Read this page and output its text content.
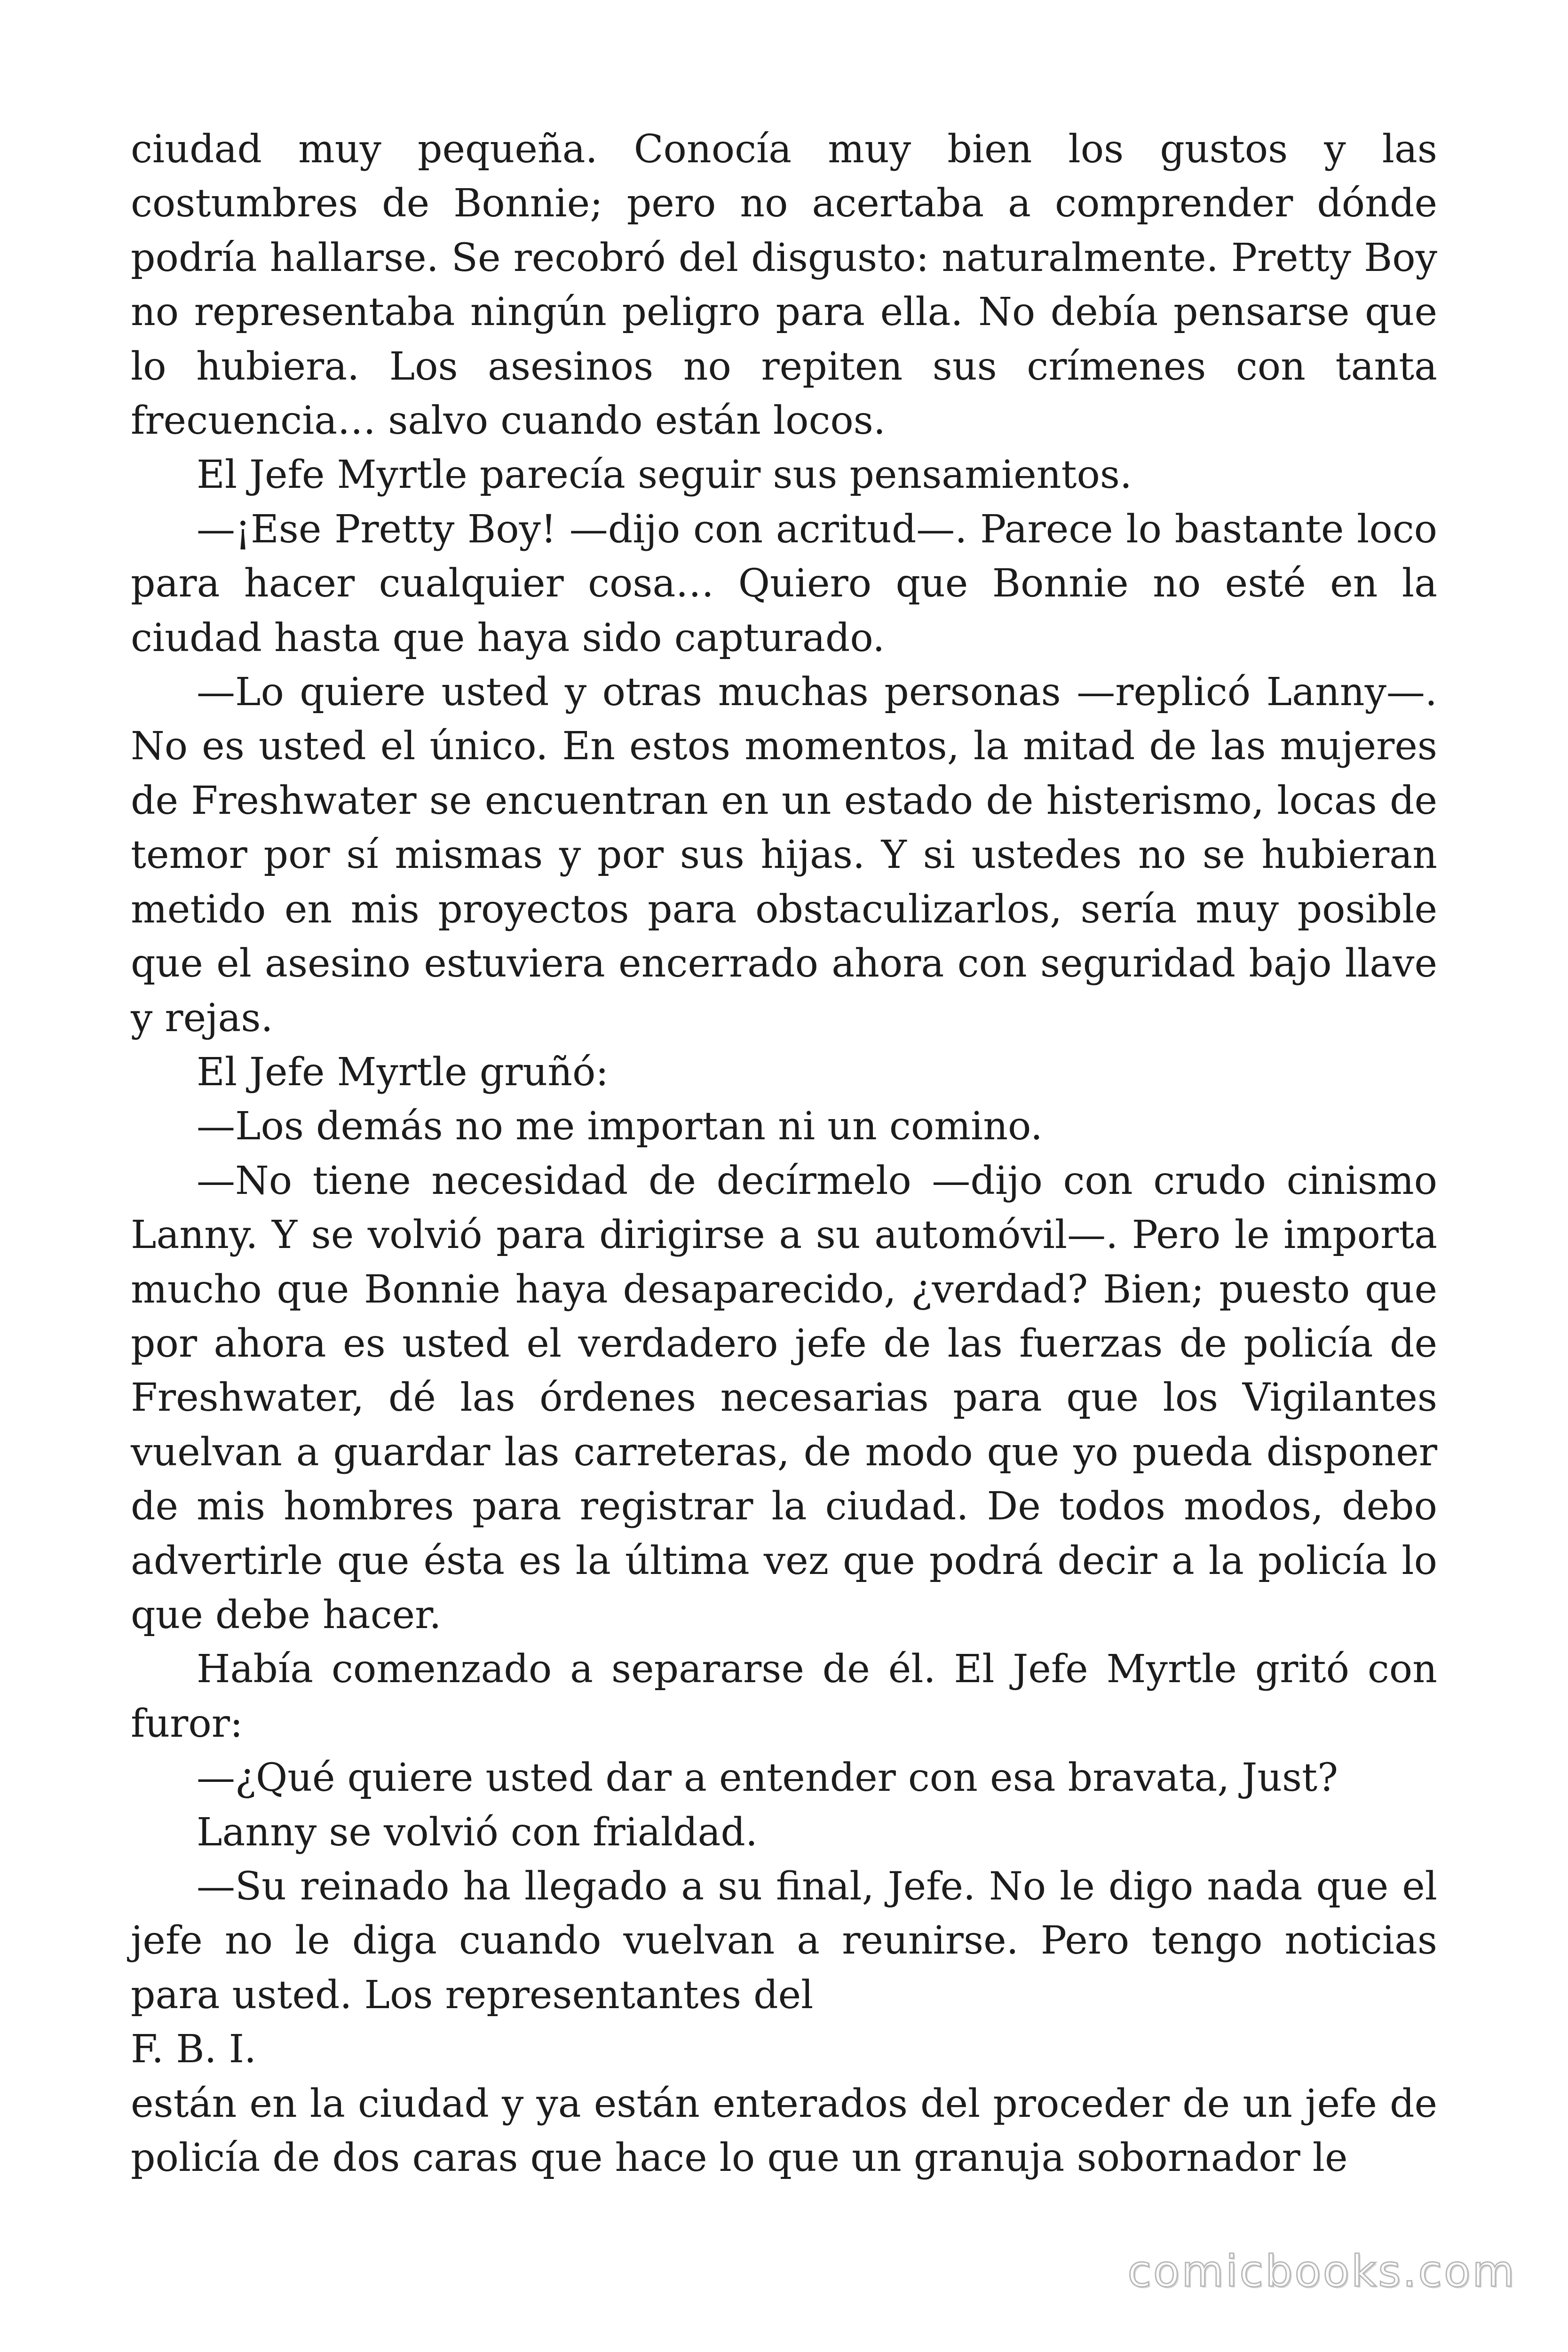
ciudad muy pequeña. Conocía muy bien los gustos y las costumbres de Bonnie; pero no acertaba a comprender dónde podría hallarse. Se recobró del disgusto: naturalmente. Pretty Boy no representaba ningún peligro para ella. No debía pensarse que lo hubiera. Los asesinos no repiten sus crímenes con tanta frecuencia… salvo cuando están locos.

El Jefe Myrtle parecía seguir sus pensamientos.

—¡Ese Pretty Boy! —dijo con acritud—. Parece lo bastante loco para hacer cualquier cosa… Quiero que Bonnie no esté en la ciudad hasta que haya sido capturado.

—Lo quiere usted y otras muchas personas —replicó Lanny—. No es usted el único. En estos momentos, la mitad de las mujeres de Freshwater se encuentran en un estado de histerismo, locas de temor por sí mismas y por sus hijas. Y si ustedes no se hubieran metido en mis proyectos para obstaculizarlos, sería muy posible que el asesino estuviera encerrado ahora con seguridad bajo llave y rejas.

El Jefe Myrtle gruñó:

—Los demás no me importan ni un comino.

—No tiene necesidad de decírmelo —dijo con crudo cinismo Lanny. Y se volvió para dirigirse a su automóvil—. Pero le importa mucho que Bonnie haya desaparecido, ¿verdad? Bien; puesto que por ahora es usted el verdadero jefe de las fuerzas de policía de Freshwater, dé las órdenes necesarias para que los Vigilantes vuelvan a guardar las carreteras, de modo que yo pueda disponer de mis hombres para registrar la ciudad. De todos modos, debo advertirle que ésta es la última vez que podrá decir a la policía lo que debe hacer.

Había comenzado a separarse de él. El Jefe Myrtle gritó con furor:

—¿Qué quiere usted dar a entender con esa bravata, Just?

Lanny se volvió con frialdad.

—Su reinado ha llegado a su final, Jefe. No le digo nada que el jefe no le diga cuando vuelvan a reunirse. Pero tengo noticias para usted. Los representantes del

F. B. I.

están en la ciudad y ya están enterados del proceder de un jefe de policía de dos caras que hace lo que un granuja sobornador le

comicbooks.com
